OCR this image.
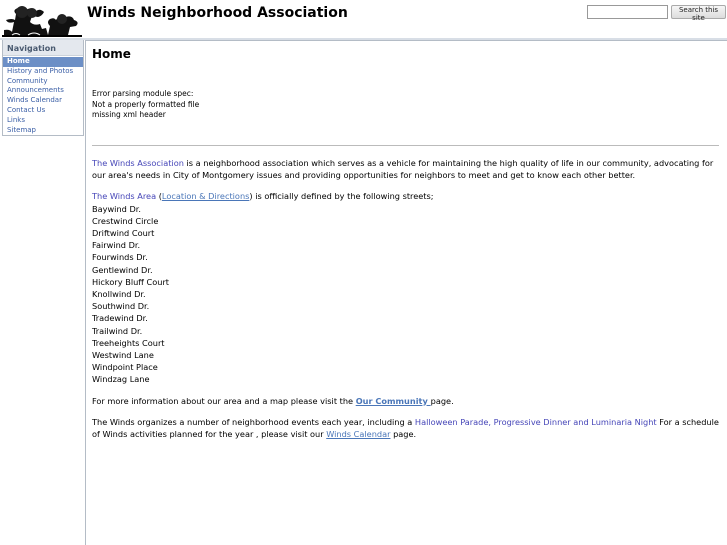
Winds Neighborhood Association	Search this site
Navigation
Home
History and Photos
Community
Announcements
Winds Calendar
Contact Us
Links
Sitemap
Home
Error parsing module spec:
Not a properly formatted file
missing xml header

The Winds Association is a neighborhood association which serves as a vehicle for maintaining the high quality of life in our community, advocating for our area's needs in City of Montgomery issues and providing opportunities for neighbors to meet and get to know each other better.

The Winds Area (Location & Directions) is officially defined by the following streets;

Baywind Dr.
Crestwind Circle
Driftwind Court
Fairwind Dr.
Fourwinds Dr.
Gentlewind Dr.
Hickory Bluff Court
Knollwind Dr.
Southwind Dr.
Tradewind Dr.
Trailwind Dr.
Treeheights Court
Westwind Lane
Windpoint Place
Windzag Lane

For more information about our area and a map please visit the Our Community page.

The Winds organizes a number of neighborhood events each year, including a Halloween Parade, Progressive Dinner and Luminaria Night For a schedule of Winds activities planned for the year , please visit our Winds Calendar page.
